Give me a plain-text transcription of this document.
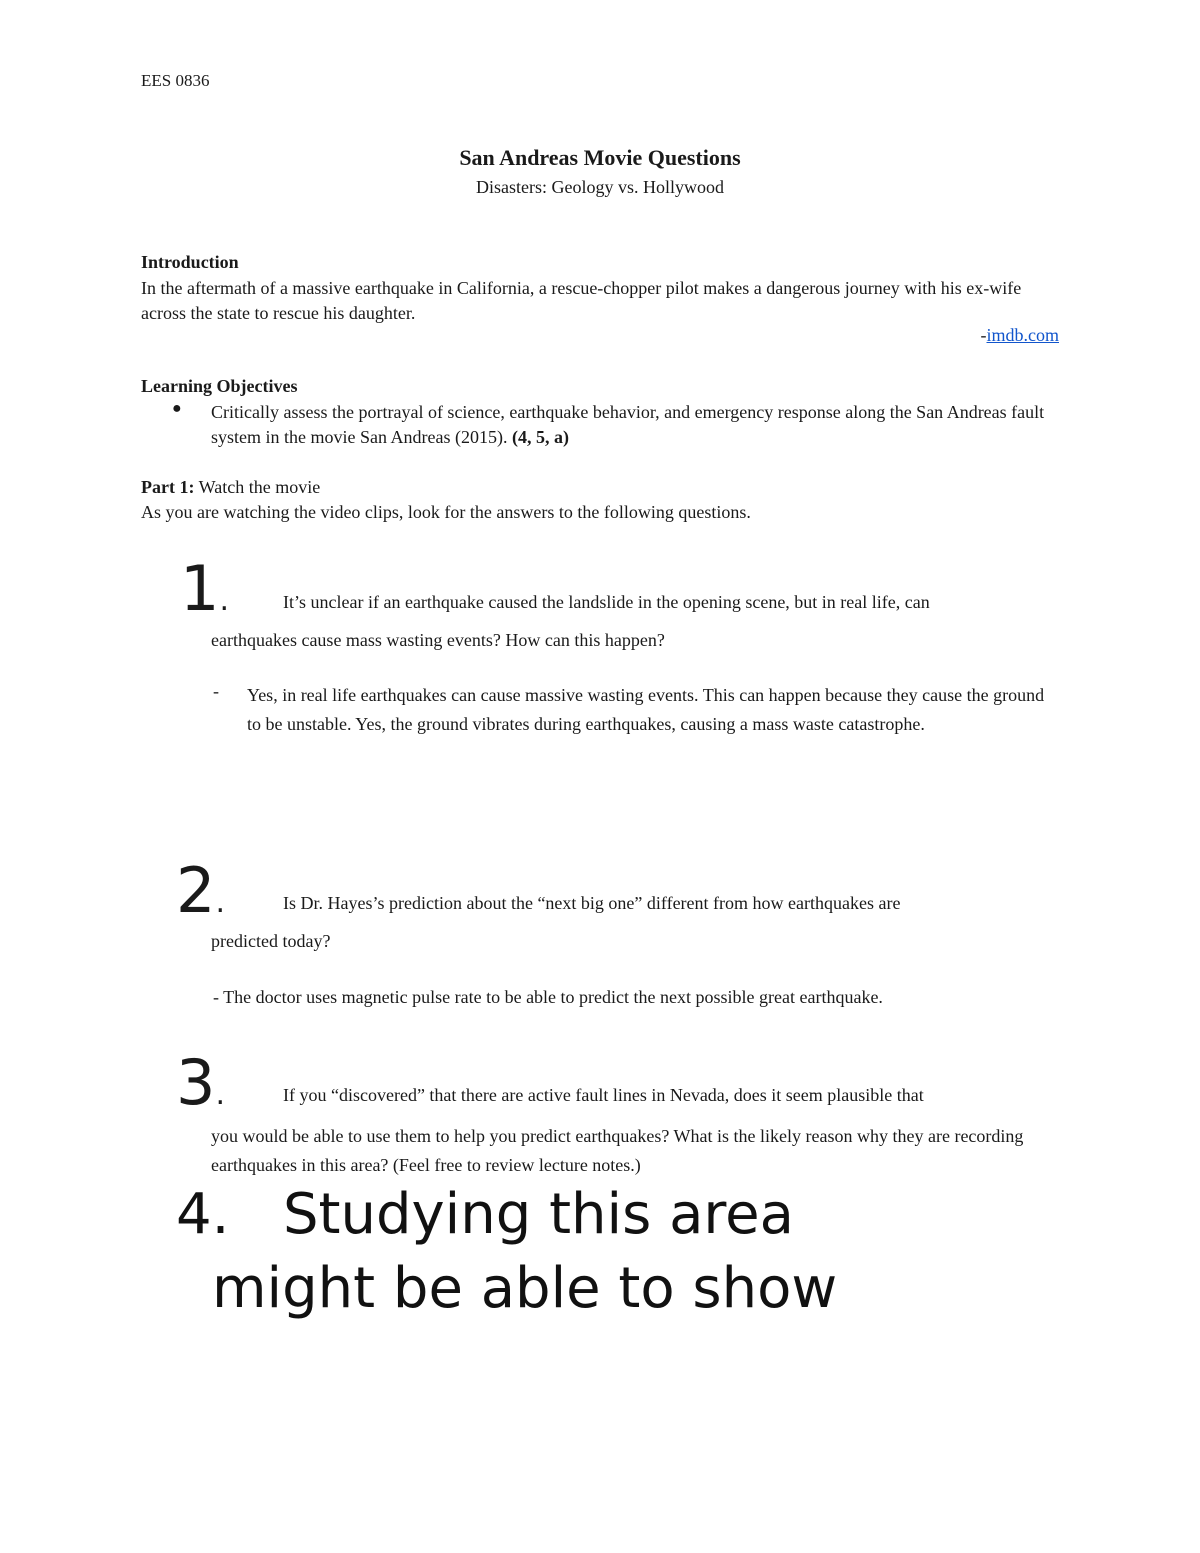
EES 0836
San Andreas Movie Questions
Disasters: Geology vs. Hollywood
Introduction
In the aftermath of a massive earthquake in California, a rescue-chopper pilot makes a dangerous journey with his ex-wife across the state to rescue his daughter.
-imdb.com
Learning Objectives
● Critically assess the portrayal of science, earthquake behavior, and emergency response along the San Andreas fault system in the movie San Andreas (2015). (4, 5, a)
Part 1: Watch the movie
As you are watching the video clips, look for the answers to the following questions.
1.	It’s unclear if an earthquake caused the landslide in the opening scene, but in real life, can
earthquakes cause mass wasting events? How can this happen?
- Yes, in real life earthquakes can cause massive wasting events. This can happen because they cause the ground to be unstable. Yes, the ground vibrates during earthquakes, causing a mass waste catastrophe.
2.	Is Dr. Hayes’s prediction about the “next big one” different from how earthquakes are
predicted today?
- The doctor uses magnetic pulse rate to be able to predict the next possible great earthquake.
3.	If you “discovered” that there are active fault lines in Nevada, does it seem plausible that
you would be able to use them to help you predict earthquakes? What is the likely reason why they are recording earthquakes in this area? (Feel free to review lecture notes.)
4. Studying this area
might be able to show
